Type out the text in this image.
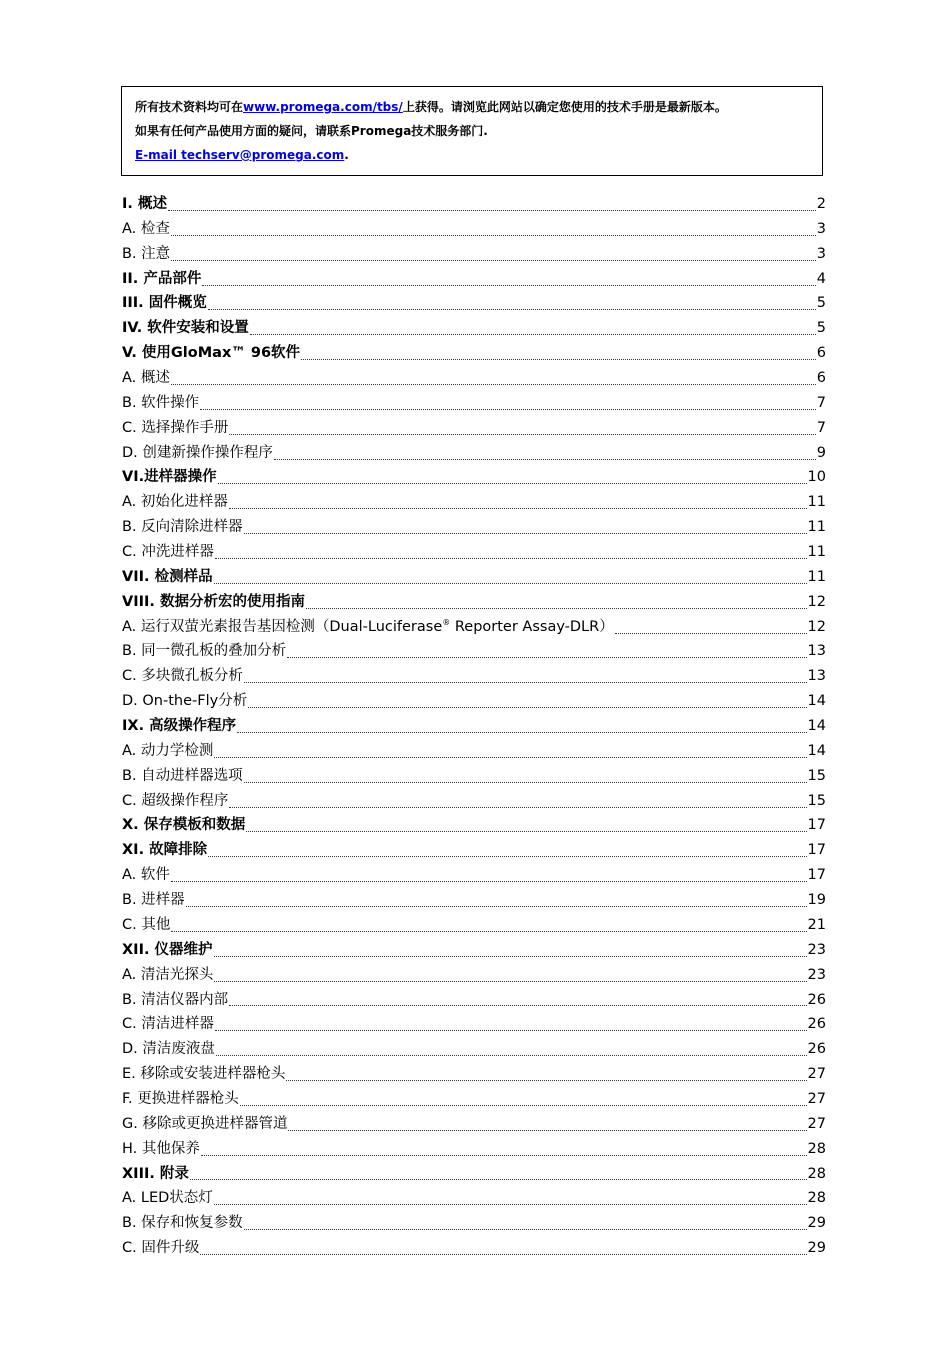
所有技术资料均可在www.promega.com/tbs/上获得。请浏览此网站以确定您使用的技术手册是最新版本。
如果有任何产品使用方面的疑问，请联系Promega技术服务部门.
E-mail techserv@promega.com.
I. 概述	2
A. 检查	3
B. 注意	3
II. 产品部件	4
III. 固件概览	5
IV. 软件安装和设置	5
V. 使用GloMax™ 96软件	6
A. 概述	6
B. 软件操作	7
C. 选择操作手册	7
D. 创建新操作操作程序	9
VI.进样器操作	10
A. 初始化进样器	11
B. 反向清除进样器	11
C. 冲洗进样器	11
VII. 检测样品	11
VIII. 数据分析宏的使用指南	12
A. 运行双萤光素报告基因检测（Dual-Luciferase® Reporter Assay-DLR）	12
B. 同一微孔板的叠加分析	13
C. 多块微孔板分析	13
D. On-the-Fly分析	14
IX. 高级操作程序	14
A. 动力学检测	14
B. 自动进样器选项	15
C. 超级操作程序	15
X. 保存模板和数据	17
XI. 故障排除	17
A. 软件	17
B. 进样器	19
C. 其他	21
XII. 仪器维护	23
A. 清洁光探头	23
B. 清洁仪器内部	26
C. 清洁进样器	26
D. 清洁废液盘	26
E. 移除或安装进样器枪头	27
F. 更换进样器枪头	27
G. 移除或更换进样器管道	27
H. 其他保养	28
XIII. 附录	28
A. LED状态灯	28
B. 保存和恢复参数	29
C. 固件升级	29
